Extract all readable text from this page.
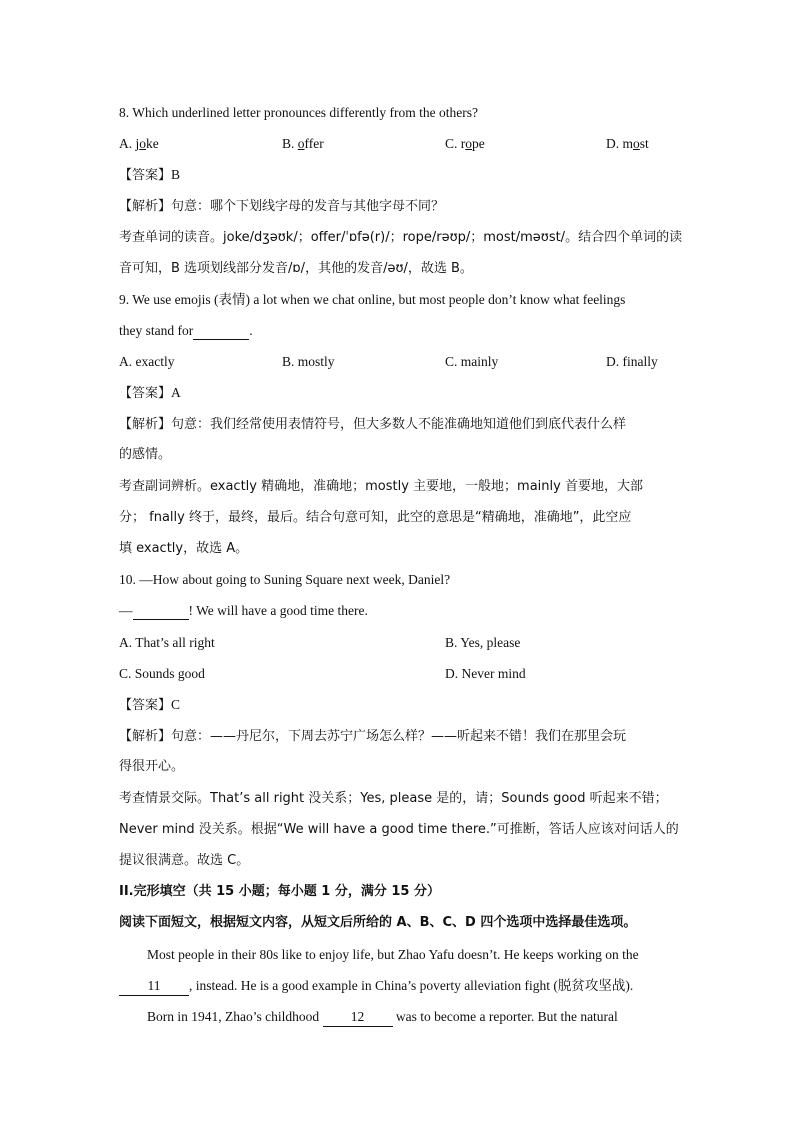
8. Which underlined letter pronounces differently from the others?
A. joke	B. offer	C. rope	D. most
【答案】B
【解析】句意：哪个下划线字母的发音与其他字母不同？
考查单词的读音。joke/dʒəʊk/；offer/ˈɒfə(r)/；rope/rəʊp/；most/məʊst/。结合四个单词的读
音可知，B 选项划线部分发音/ɒ/，其他的发音/əʊ/，故选 B。
9. We use emojis (表情) a lot when we chat online, but most people don’t know what feelings
they stand for	.
A. exactly	B. mostly	C. mainly	D. finally
【答案】A
【解析】句意：我们经常使用表情符号，但大多数人不能准确地知道他们到底代表什么样
的感情。
考查副词辨析。exactly 精确地，准确地；mostly 主要地，一般地；mainly 首要地，大部
分； fnally 终于，最终，最后。结合句意可知，此空的意思是“精确地，准确地”，此空应
填 exactly，故选 A。
10. —How about going to Suning Square next week, Daniel?
—	! We will have a good time there.
A. That’s all right	B. Yes, please
C. Sounds good	D. Never mind
【答案】C
【解析】句意：——丹尼尔，下周去苏宁广场怎么样？——听起来不错！我们在那里会玩
得很开心。
考查情景交际。That’s all right 没关系；Yes, please 是的，请；Sounds good 听起来不错；
Never mind 没关系。根据“We will have a good time there.”可推断，答话人应该对问话人的
提议很满意。故选 C。
II.完形填空（共 15 小题；每小题 1 分，满分 15 分）
阅读下面短文，根据短文内容，从短文后所给的 A、B、C、D 四个选项中选择最佳选项。
Most people in their 80s like to enjoy life, but Zhao Yafu doesn’t. He keeps working on the
11 , instead. He is a good example in China’s poverty alleviation fight (脱贫攻坚战).
Born in 1941, Zhao’s childhood 12 was to become a reporter. But the natural
